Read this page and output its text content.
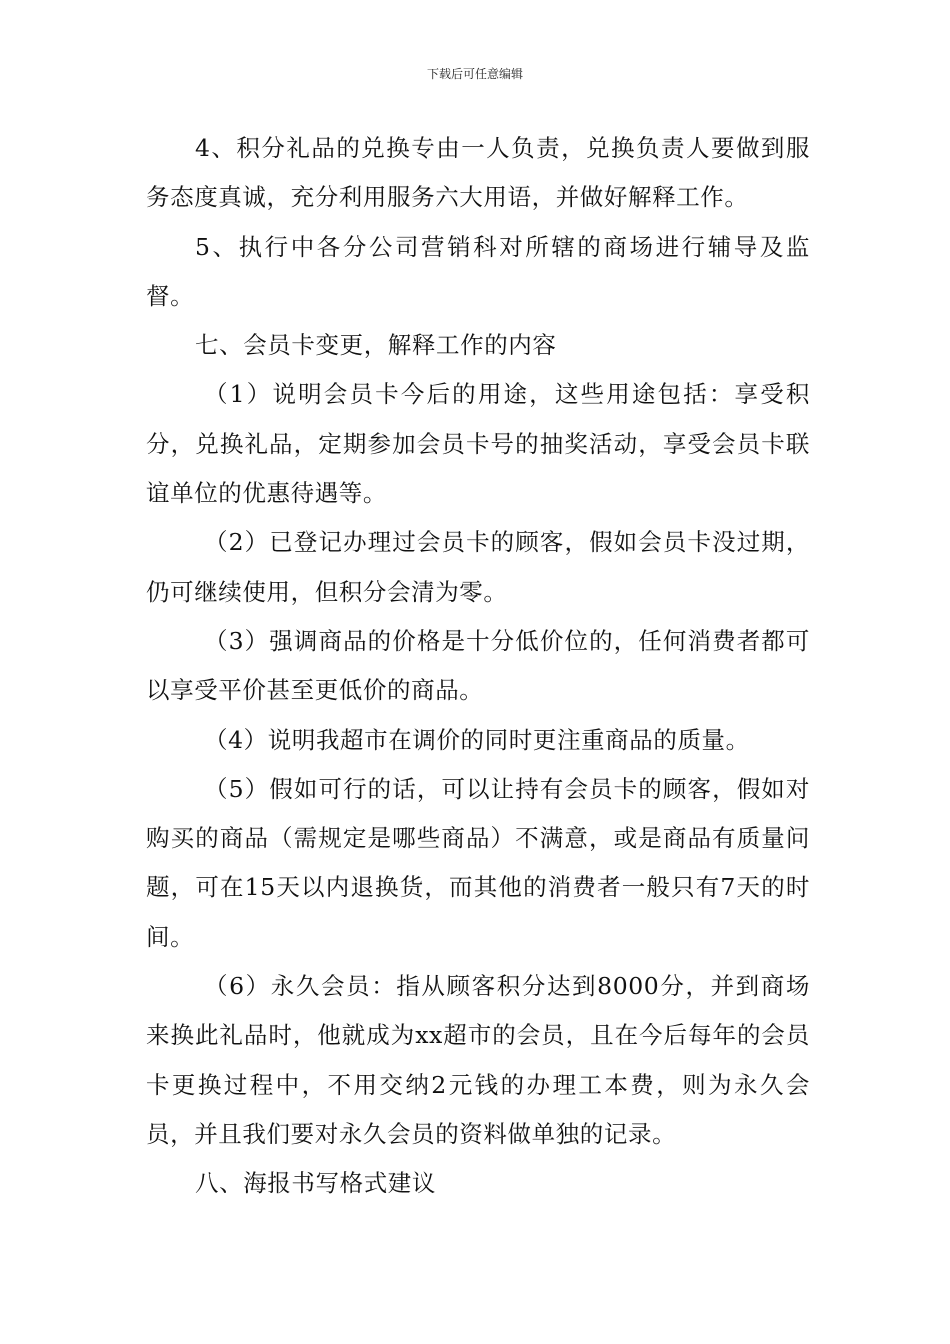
下载后可任意编辑

4、积分礼品的兑换专由一人负责，兑换负责人要做到服务态度真诚，充分利用服务六大用语，并做好解释工作。

5、执行中各分公司营销科对所辖的商场进行辅导及监督。

七、会员卡变更，解释工作的内容

（1）说明会员卡今后的用途，这些用途包括：享受积分，兑换礼品，定期参加会员卡号的抽奖活动，享受会员卡联谊单位的优惠待遇等。

（2）已登记办理过会员卡的顾客，假如会员卡没过期，仍可继续使用，但积分会清为零。

（3）强调商品的价格是十分低价位的，任何消费者都可以享受平价甚至更低价的商品。

（4）说明我超市在调价的同时更注重商品的质量。

（5）假如可行的话，可以让持有会员卡的顾客，假如对购买的商品（需规定是哪些商品）不满意，或是商品有质量问题，可在15天以内退换货，而其他的消费者一般只有7天的时间。

（6）永久会员：指从顾客积分达到8000分，并到商场来换此礼品时，他就成为xx超市的会员，且在今后每年的会员卡更换过程中，不用交纳2元钱的办理工本费，则为永久会员，并且我们要对永久会员的资料做单独的记录。

八、海报书写格式建议
